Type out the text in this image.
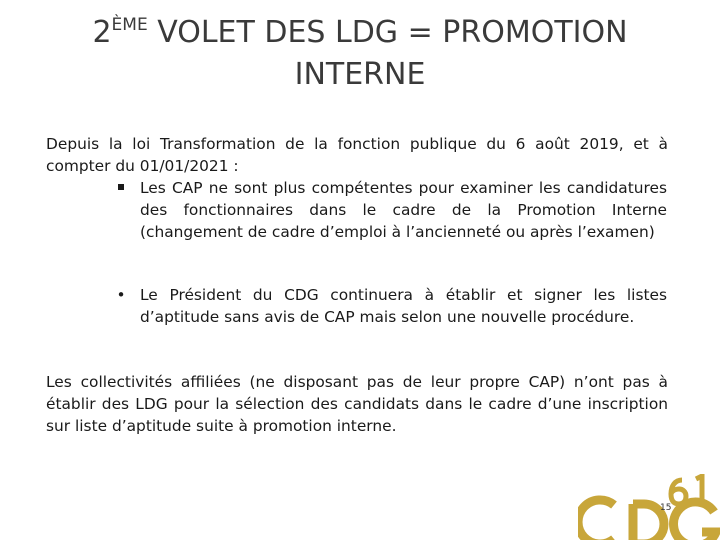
2ÈME VOLET DES LDG = PROMOTION
INTERNE

Depuis la loi Transformation de la fonction publique du 6 août 2019, et à compter du 01/01/2021 :

Les CAP ne sont plus compétentes pour examiner les candidatures des fonctionnaires dans le cadre de la Promotion Interne (changement de cadre d’emploi à l’ancienneté ou après l’examen)
• Le Président du CDG continuera à établir et signer les listes d’aptitude sans avis de CAP mais selon une nouvelle procédure.

Les collectivités affiliées (ne disposant pas de leur propre CAP) n’ont pas à établir des LDG pour la sélection des candidats dans le cadre d’une inscription sur liste d’aptitude suite à promotion interne.

15
